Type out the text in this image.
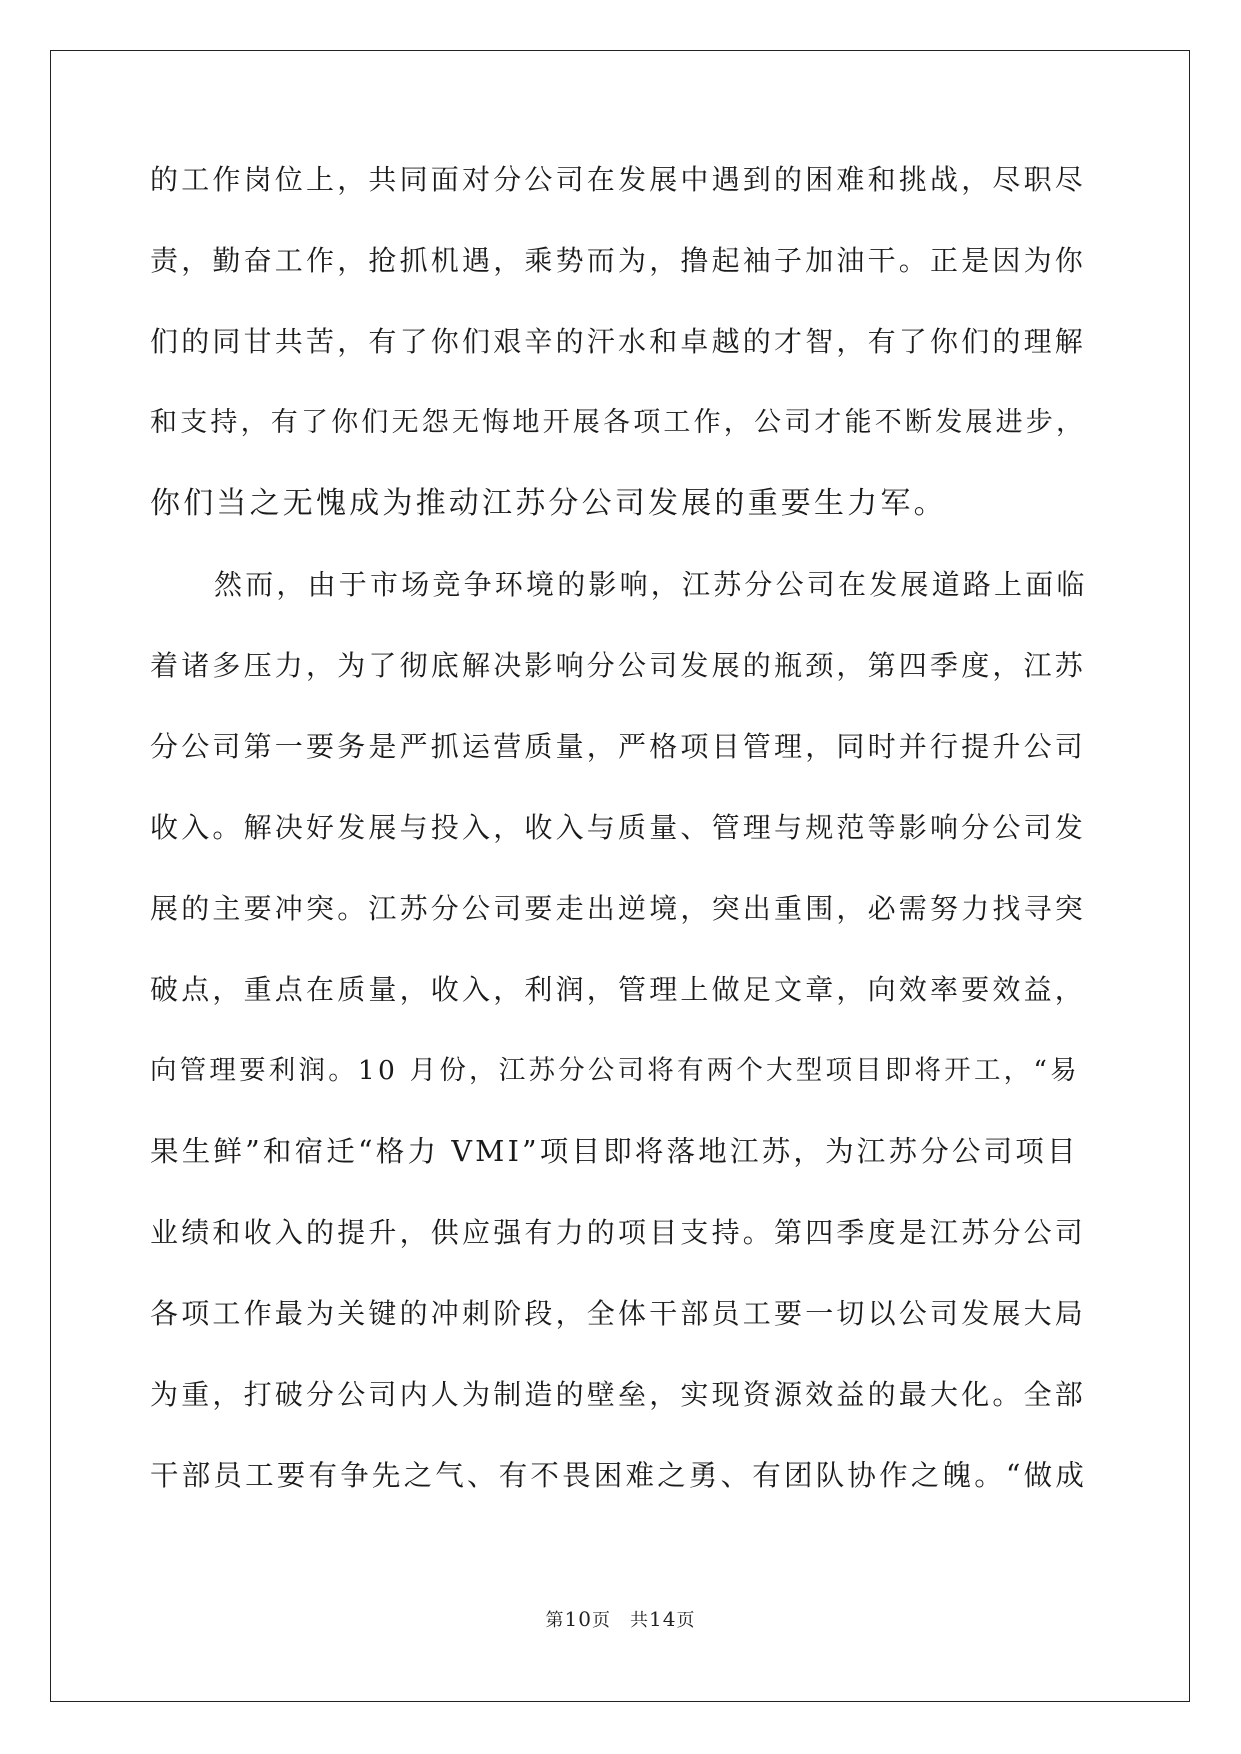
的工作岗位上，共同面对分公司在发展中遇到的困难和挑战，尽职尽
责，勤奋工作，抢抓机遇，乘势而为，撸起袖子加油干。正是因为你
们的同甘共苦，有了你们艰辛的汗水和卓越的才智，有了你们的理解
和支持，有了你们无怨无悔地开展各项工作，公司才能不断发展进步，
你们当之无愧成为推动江苏分公司发展的重要生力军。
然而，由于市场竞争环境的影响，江苏分公司在发展道路上面临
着诸多压力，为了彻底解决影响分公司发展的瓶颈，第四季度，江苏
分公司第一要务是严抓运营质量，严格项目管理，同时并行提升公司
收入。解决好发展与投入，收入与质量、管理与规范等影响分公司发
展的主要冲突。江苏分公司要走出逆境，突出重围，必需努力找寻突
破点，重点在质量，收入，利润，管理上做足文章，向效率要效益，
向管理要利润。10 月份，江苏分公司将有两个大型项目即将开工，“易
果生鲜”和宿迁“格力 VMI”项目即将落地江苏，为江苏分公司项目
业绩和收入的提升，供应强有力的项目支持。第四季度是江苏分公司
各项工作最为关键的冲刺阶段，全体干部员工要一切以公司发展大局
为重，打破分公司内人为制造的壁垒，实现资源效益的最大化。全部
干部员工要有争先之气、有不畏困难之勇、有团队协作之魄。“做成
第10页　共14页
